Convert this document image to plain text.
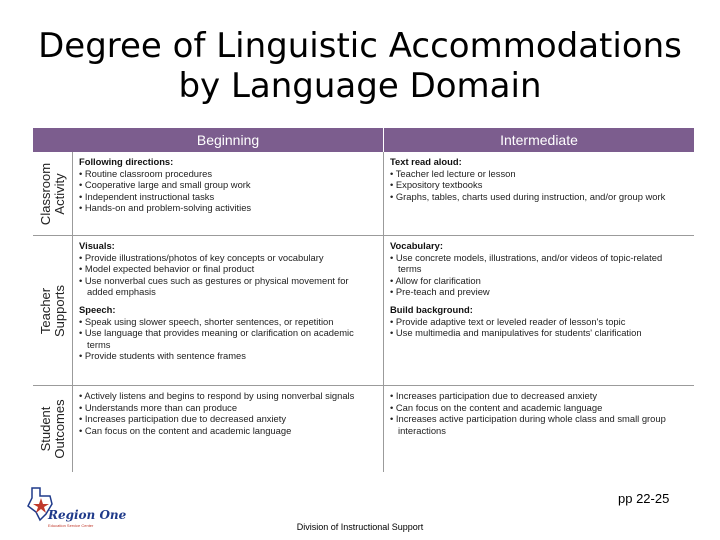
Degree of Linguistic Accommodations
by Language Domain
Beginning	Intermediate
Classroom Activity
Following directions:
• Routine classroom procedures
• Cooperative large and small group work
• Independent instructional tasks
• Hands-on and problem-solving activities
Text read aloud:
• Teacher led lecture or lesson
• Expository textbooks
• Graphs, tables, charts used during instruction, and/or group work
Teacher Supports
Visuals:
• Provide illustrations/photos of key concepts or vocabulary
• Model expected behavior or final product
• Use nonverbal cues such as gestures or physical movement for added emphasis
Speech:
• Speak using slower speech, shorter sentences, or repetition
• Use language that provides meaning or clarification on academic terms
• Provide students with sentence frames
Vocabulary:
• Use concrete models, illustrations, and/or videos of topic-related terms
• Allow for clarification
• Pre-teach and preview
Build background:
• Provide adaptive text or leveled reader of lesson's topic
• Use multimedia and manipulatives for students' clarification
Student Outcomes
• Actively listens and begins to respond by using nonverbal signals
• Understands more than can produce
• Increases participation due to decreased anxiety
• Can focus on the content and academic language
• Increases participation due to decreased anxiety
• Can focus on the content and academic language
• Increases active participation during whole class and small group interactions
Region One
Education Service Center
pp 22-25
Division of Instructional Support
